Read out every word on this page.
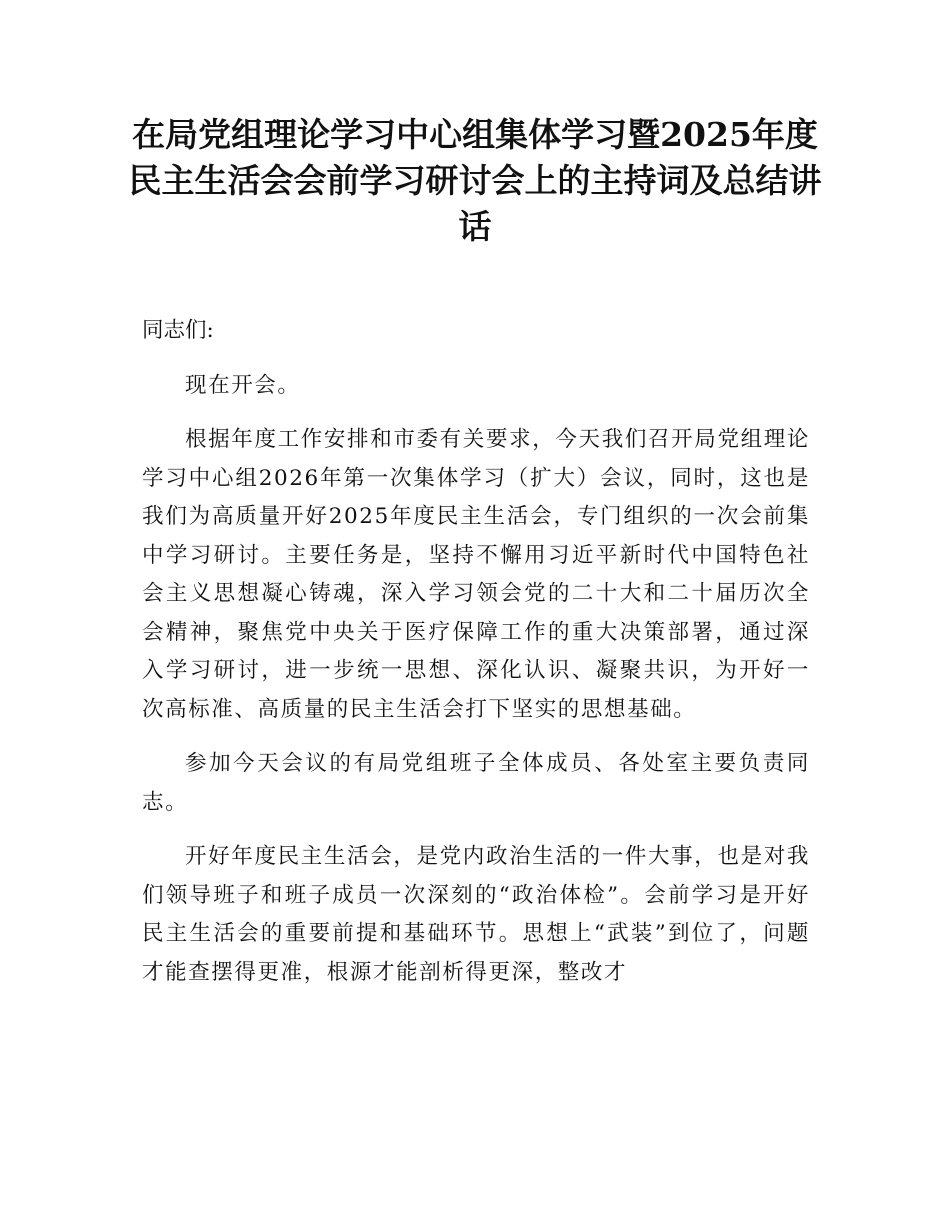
在局党组理论学习中心组集体学习暨2025年度民主生活会会前学习研讨会上的主持词及总结讲话

同志们:

现在开会。

根据年度工作安排和市委有关要求，今天我们召开局党组理论学习中心组2026年第一次集体学习（扩大）会议，同时，这也是我们为高质量开好2025年度民主生活会，专门组织的一次会前集中学习研讨。主要任务是，坚持不懈用习近平新时代中国特色社会主义思想凝心铸魂，深入学习领会党的二十大和二十届历次全会精神，聚焦党中央关于医疗保障工作的重大决策部署，通过深入学习研讨，进一步统一思想、深化认识、凝聚共识，为开好一次高标准、高质量的民主生活会打下坚实的思想基础。

参加今天会议的有局党组班子全体成员、各处室主要负责同志。

开好年度民主生活会，是党内政治生活的一件大事，也是对我们领导班子和班子成员一次深刻的“政治体检”。会前学习是开好民主生活会的重要前提和基础环节。思想上“武装”到位了，问题才能查摆得更准，根源才能剖析得更深，整改才
